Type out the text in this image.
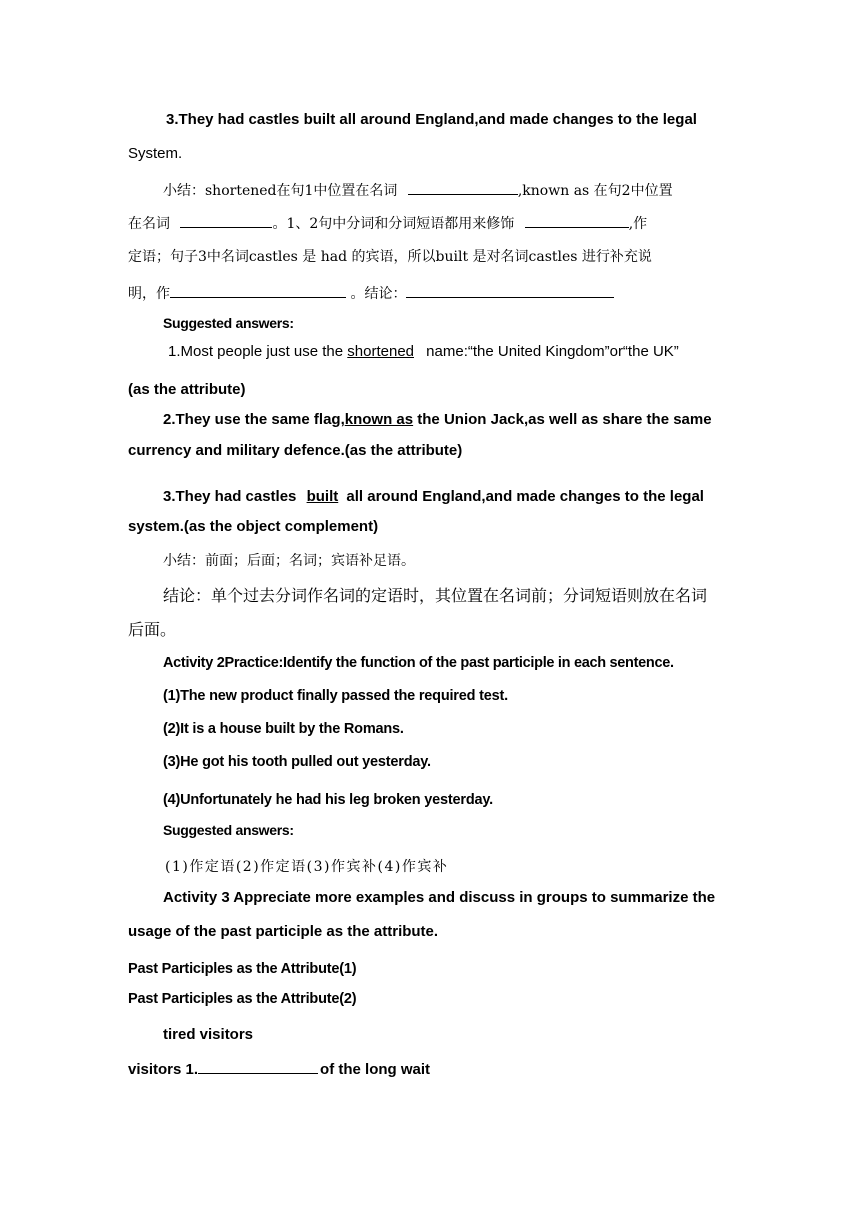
3.They had castles built all around England,and made changes to the legal
System.
小结：shortened在句1中位置在名词	,known as 在句2中位置
在名词	。1、2句中分词和分词短语都用来修饰	,作
定语；句子3中名词castles 是 had 的宾语，所以built 是对名词castles 进行补充说
明，作	。结论：
Suggested answers:
1.Most people just use the shortened name:“the United Kingdom”or“the UK”
(as the attribute)
2.They use the same flag,known as the Union Jack,as well as share the same
currency and military defence.(as the attribute)
3.They had castles built all around England,and made changes to the legal
system.(as the object complement)
小结：前面；后面；名词；宾语补足语。
结论：单个过去分词作名词的定语时，其位置在名词前；分词短语则放在名词
后面。
Activity 2Practice:Identify the function of the past participle in each sentence.
(1)The new product finally passed the required test.
(2)It is a house built by the Romans.
(3)He got his tooth pulled out yesterday.
(4)Unfortunately he had his leg broken yesterday.
Suggested answers:
(1)作定语(2)作定语(3)作宾补(4)作宾补
Activity 3 Appreciate more examples and discuss in groups to summarize the
usage of the past participle as the attribute.
Past Participles as the Attribute(1)
Past Participles as the Attribute(2)
tired visitors
visitors 1.	of the long wait
